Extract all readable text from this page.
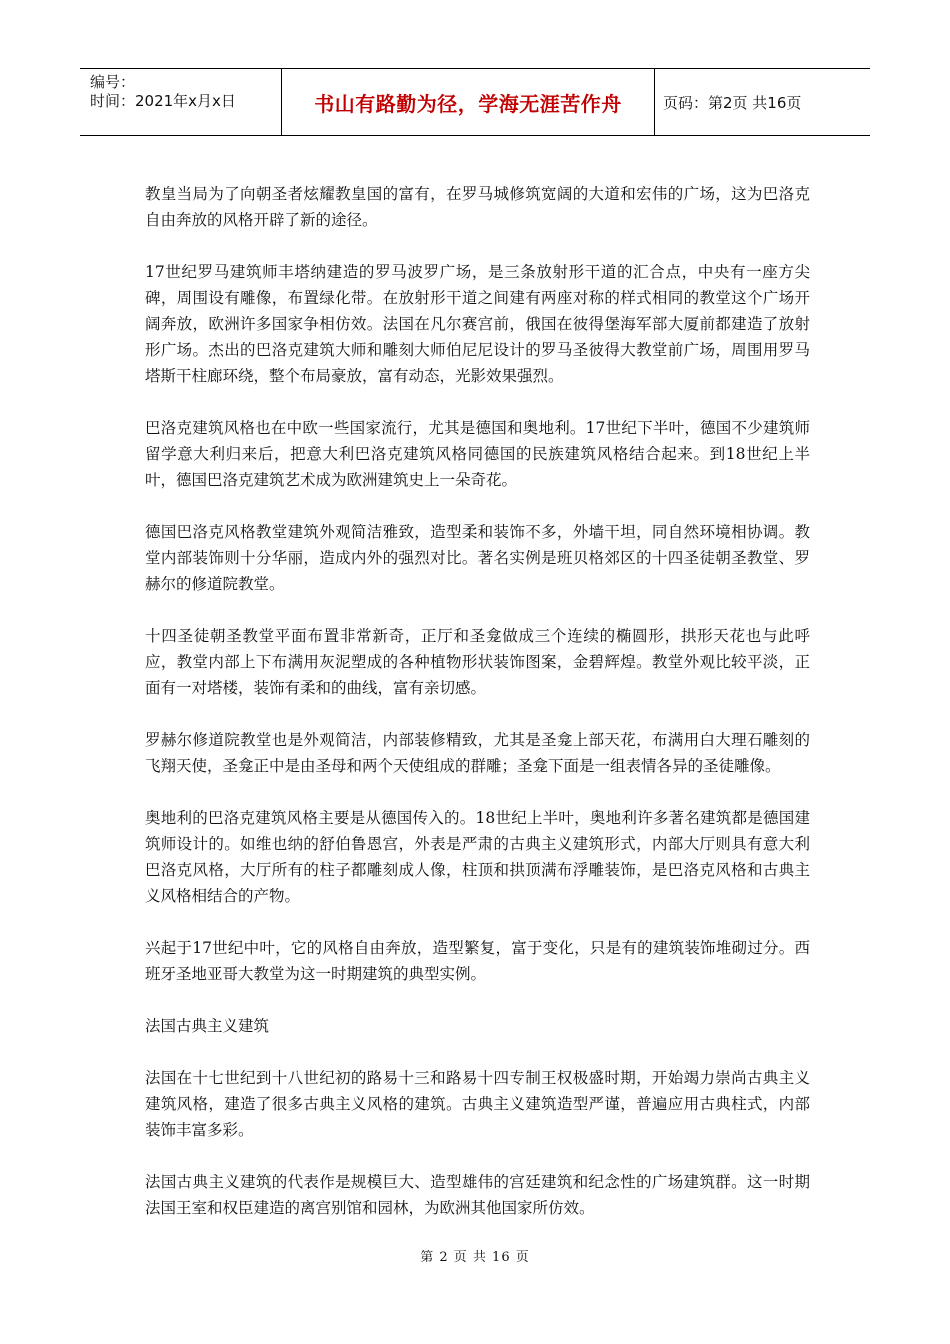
编号：
时间：2021年x月x日	书山有路勤为径，学海无涯苦作舟	页码：第2页 共16页

教皇当局为了向朝圣者炫耀教皇国的富有，在罗马城修筑宽阔的大道和宏伟的广场，这为巴洛克自由奔放的风格开辟了新的途径。

17世纪罗马建筑师丰塔纳建造的罗马波罗广场，是三条放射形干道的汇合点，中央有一座方尖碑，周围设有雕像，布置绿化带。在放射形干道之间建有两座对称的样式相同的教堂这个广场开阔奔放，欧洲许多国家争相仿效。法国在凡尔赛宫前，俄国在彼得堡海军部大厦前都建造了放射形广场。杰出的巴洛克建筑大师和雕刻大师伯尼尼设计的罗马圣彼得大教堂前广场，周围用罗马塔斯干柱廊环绕，整个布局豪放，富有动态，光影效果强烈。

巴洛克建筑风格也在中欧一些国家流行，尤其是德国和奥地利。17世纪下半叶，德国不少建筑师留学意大利归来后，把意大利巴洛克建筑风格同德国的民族建筑风格结合起来。到18世纪上半叶，德国巴洛克建筑艺术成为欧洲建筑史上一朵奇花。

德国巴洛克风格教堂建筑外观简洁雅致，造型柔和装饰不多，外墙干坦，同自然环境相协调。教堂内部装饰则十分华丽，造成内外的强烈对比。著名实例是班贝格郊区的十四圣徒朝圣教堂、罗赫尔的修道院教堂。

十四圣徒朝圣教堂平面布置非常新奇，正厅和圣龛做成三个连续的椭圆形，拱形天花也与此呼应，教堂内部上下布满用灰泥塑成的各种植物形状装饰图案，金碧辉煌。教堂外观比较平淡，正面有一对塔楼，装饰有柔和的曲线，富有亲切感。

罗赫尔修道院教堂也是外观简洁，内部装修精致，尤其是圣龛上部天花，布满用白大理石雕刻的飞翔天使，圣龛正中是由圣母和两个天使组成的群雕；圣龛下面是一组表情各异的圣徒雕像。

奥地利的巴洛克建筑风格主要是从德国传入的。18世纪上半叶，奥地利许多著名建筑都是德国建筑师设计的。如维也纳的舒伯鲁恩宫，外表是严肃的古典主义建筑形式，内部大厅则具有意大利巴洛克风格，大厅所有的柱子都雕刻成人像，柱顶和拱顶满布浮雕装饰，是巴洛克风格和古典主义风格相结合的产物。

兴起于17世纪中叶，它的风格自由奔放，造型繁复，富于变化，只是有的建筑装饰堆砌过分。西班牙圣地亚哥大教堂为这一时期建筑的典型实例。

法国古典主义建筑

法国在十七世纪到十八世纪初的路易十三和路易十四专制王权极盛时期，开始竭力崇尚古典主义建筑风格，建造了很多古典主义风格的建筑。古典主义建筑造型严谨，普遍应用古典柱式，内部装饰丰富多彩。

法国古典主义建筑的代表作是规模巨大、造型雄伟的宫廷建筑和纪念性的广场建筑群。这一时期法国王室和权臣建造的离宫别馆和园林，为欧洲其他国家所仿效。

第 2 页 共 16 页
